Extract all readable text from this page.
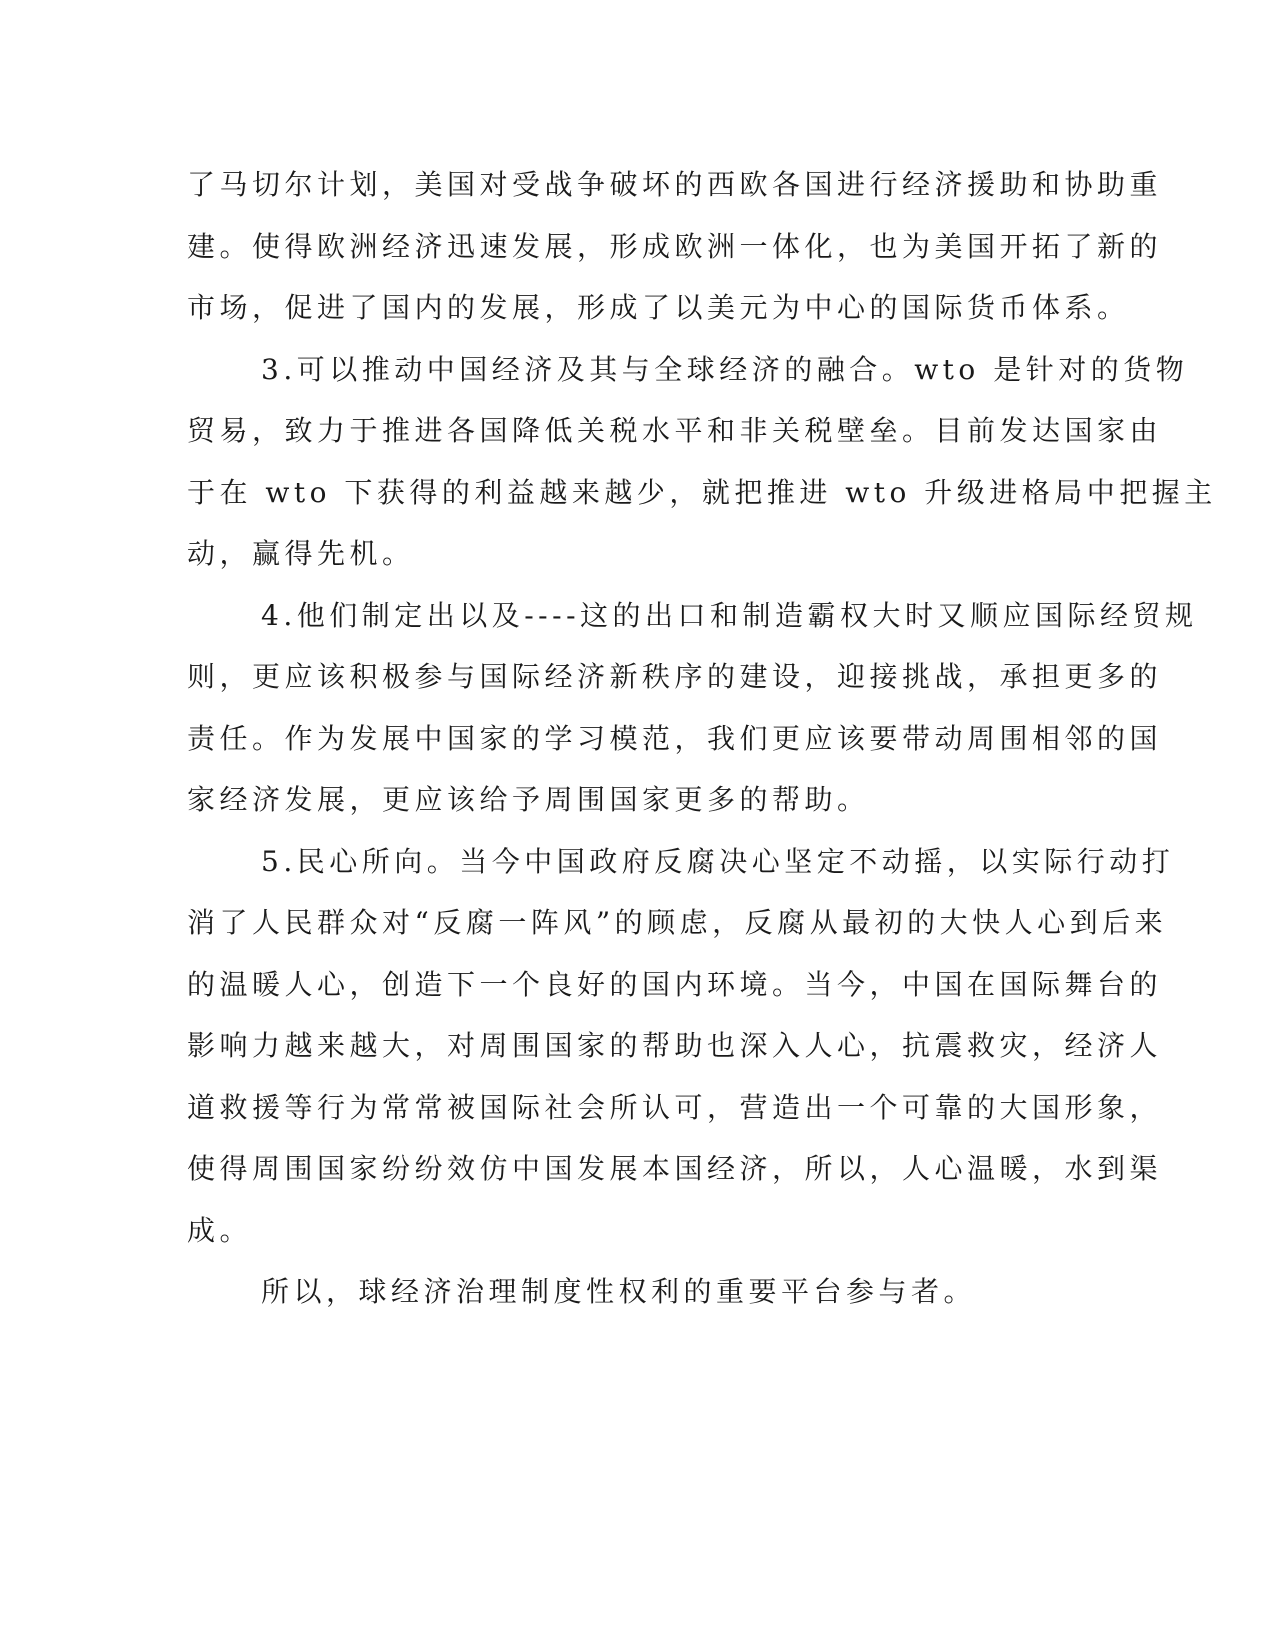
了马切尔计划，美国对受战争破坏的西欧各国进行经济援助和协助重
建。使得欧洲经济迅速发展，形成欧洲一体化，也为美国开拓了新的
市场，促进了国内的发展，形成了以美元为中心的国际货币体系。
3.可以推动中国经济及其与全球经济的融合。wto 是针对的货物
贸易，致力于推进各国降低关税水平和非关税壁垒。目前发达国家由
于在 wto 下获得的利益越来越少，就把推进 wto 升级进格局中把握主
动，赢得先机。
4.他们制定出以及----这的出口和制造霸权大时又顺应国际经贸规
则，更应该积极参与国际经济新秩序的建设，迎接挑战，承担更多的
责任。作为发展中国家的学习模范，我们更应该要带动周围相邻的国
家经济发展，更应该给予周围国家更多的帮助。
5.民心所向。当今中国政府反腐决心坚定不动摇，以实际行动打
消了人民群众对“反腐一阵风”的顾虑，反腐从最初的大快人心到后来
的温暖人心，创造下一个良好的国内环境。当今，中国在国际舞台的
影响力越来越大，对周围国家的帮助也深入人心，抗震救灾，经济人
道救援等行为常常被国际社会所认可，营造出一个可靠的大国形象，
使得周围国家纷纷效仿中国发展本国经济，所以，人心温暖，水到渠
成。
所以，球经济治理制度性权利的重要平台参与者。
